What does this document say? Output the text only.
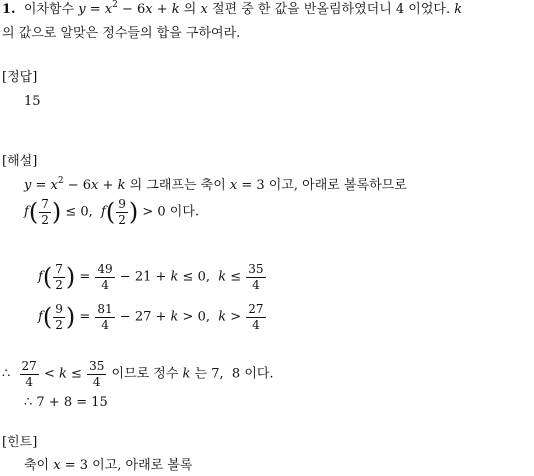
1.  이차함수 $y = x^2 - 6x + k$ 의 x 절편 중 한 값을 반올림하였더니 4 이었다. k
의 값으로 알맞은 정수들의 합을 구하여라.
[정답]
15
[해설]
$y = x^2 - 6x + k$ 의 그래프는 축이 x = 3 이고, 아래로 볼록하므로
$f( \frac{7}{2}$ ) ≤ 0,  $f( \frac{9}{2}$ ) > 0 이다.
$f( \frac{7}{2}$ ) = $\frac{49}{4} - 21 + k \le 0$,  $k \le \frac{35}{4}$
$f( \frac{9}{2}$ ) = $\frac{81}{4} - 27 + k > 0$,  $k > \frac{27}{4}$
∴ $\frac{27}{4} < k \le \frac{35}{4}$ 이므로 정수 k 는 7,  8 이다.
∴ 7 + 8 = 15
[힌트]
축이 x = 3 이고, 아래로 볼록
